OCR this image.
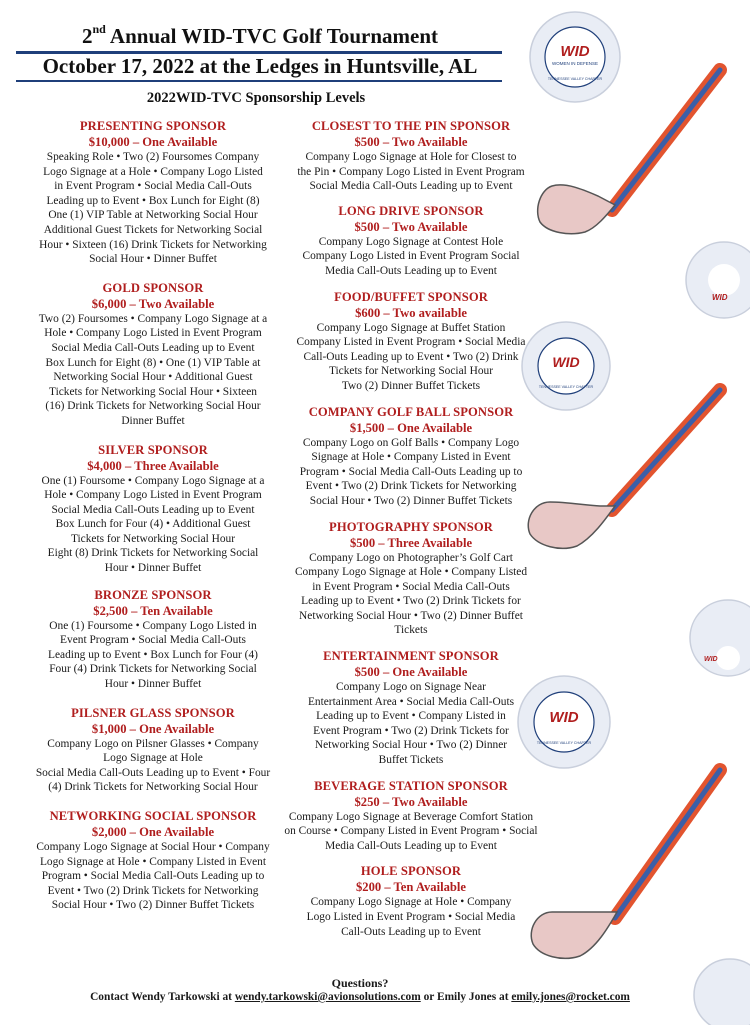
2nd Annual WID-TVC Golf Tournament
October 17, 2022 at the Ledges in Huntsville, AL
2022WID-TVC Sponsorship Levels
WID
WOMEN IN DEFENSE
TENNESSEE VALLEY CHAPTER
WID
WID
TENNESSEE VALLEY CHAPTER
WID
WID
TENNESSEE VALLEY CHAPTER
PRESENTING SPONSOR
$10,000 – One Available
Speaking Role • Two (2) Foursomes Company
Logo Signage at a Hole • Company Logo Listed
in Event Program • Social Media Call-Outs
Leading up to Event • Box Lunch for Eight (8)
One (1) VIP Table at Networking Social Hour
Additional Guest Tickets for Networking Social
Hour • Sixteen (16) Drink Tickets for Networking
Social Hour • Dinner Buffet
GOLD SPONSOR
$6,000 – Two Available
Two (2) Foursomes • Company Logo Signage at a
Hole • Company Logo Listed in Event Program
Social Media Call-Outs Leading up to Event
Box Lunch for Eight (8) • One (1) VIP Table at
Networking Social Hour • Additional Guest
Tickets for Networking Social Hour • Sixteen
(16) Drink Tickets for Networking Social Hour
Dinner Buffet
SILVER SPONSOR
$4,000 – Three Available
One (1) Foursome • Company Logo Signage at a
Hole • Company Logo Listed in Event Program
Social Media Call-Outs Leading up to Event
Box Lunch for Four (4) • Additional Guest
Tickets for Networking Social Hour
Eight (8) Drink Tickets for Networking Social
Hour • Dinner Buffet
BRONZE SPONSOR
$2,500 – Ten Available
One (1) Foursome • Company Logo Listed in
Event Program • Social Media Call-Outs
Leading up to Event • Box Lunch for Four (4)
Four (4) Drink Tickets for Networking Social
Hour • Dinner Buffet
PILSNER GLASS SPONSOR
$1,000 – One Available
Company Logo on Pilsner Glasses • Company
Logo Signage at Hole
Social Media Call-Outs Leading up to Event • Four
(4) Drink Tickets for Networking Social Hour
NETWORKING SOCIAL SPONSOR
$2,000 – One Available
Company Logo Signage at Social Hour • Company
Logo Signage at Hole • Company Listed in Event
Program • Social Media Call-Outs Leading up to
Event • Two (2) Drink Tickets for Networking
Social Hour • Two (2) Dinner Buffet Tickets
CLOSEST TO THE PIN SPONSOR
$500 – Two Available
Company Logo Signage at Hole for Closest to
the Pin • Company Logo Listed in Event Program
Social Media Call-Outs Leading up to Event
LONG DRIVE SPONSOR
$500 – Two Available
Company Logo Signage at Contest Hole
Company Logo Listed in Event Program Social
Media Call-Outs Leading up to Event
FOOD/BUFFET SPONSOR
$600 – Two available
Company Logo Signage at Buffet Station
Company Listed in Event Program • Social Media
Call-Outs Leading up to Event • Two (2) Drink
Tickets for Networking Social Hour
Two (2) Dinner Buffet Tickets
COMPANY GOLF BALL SPONSOR
$1,500 – One Available
Company Logo on Golf Balls • Company Logo
Signage at Hole • Company Listed in Event
Program • Social Media Call-Outs Leading up to
Event • Two (2) Drink Tickets for Networking
Social Hour • Two (2) Dinner Buffet Tickets
PHOTOGRAPHY SPONSOR
$500 – Three Available
Company Logo on Photographer’s Golf Cart
Company Logo Signage at Hole • Company Listed
in Event Program • Social Media Call-Outs
Leading up to Event • Two (2) Drink Tickets for
Networking Social Hour • Two (2) Dinner Buffet
Tickets
ENTERTAINMENT SPONSOR
$500 – One Available
Company Logo on Signage Near
Entertainment Area • Social Media Call-Outs
Leading up to Event • Company Listed in
Event Program • Two (2) Drink Tickets for
Networking Social Hour • Two (2) Dinner
Buffet Tickets
BEVERAGE STATION SPONSOR
$250 – Two Available
Company Logo Signage at Beverage Comfort Station
on Course • Company Listed in Event Program • Social
Media Call-Outs Leading up to Event
HOLE SPONSOR
$200 – Ten Available
Company Logo Signage at Hole • Company
Logo Listed in Event Program • Social Media
Call-Outs Leading up to Event
Questions?
Contact Wendy Tarkowski at wendy.tarkowski@avionsolutions.com or Emily Jones at emily.jones@rocket.com
